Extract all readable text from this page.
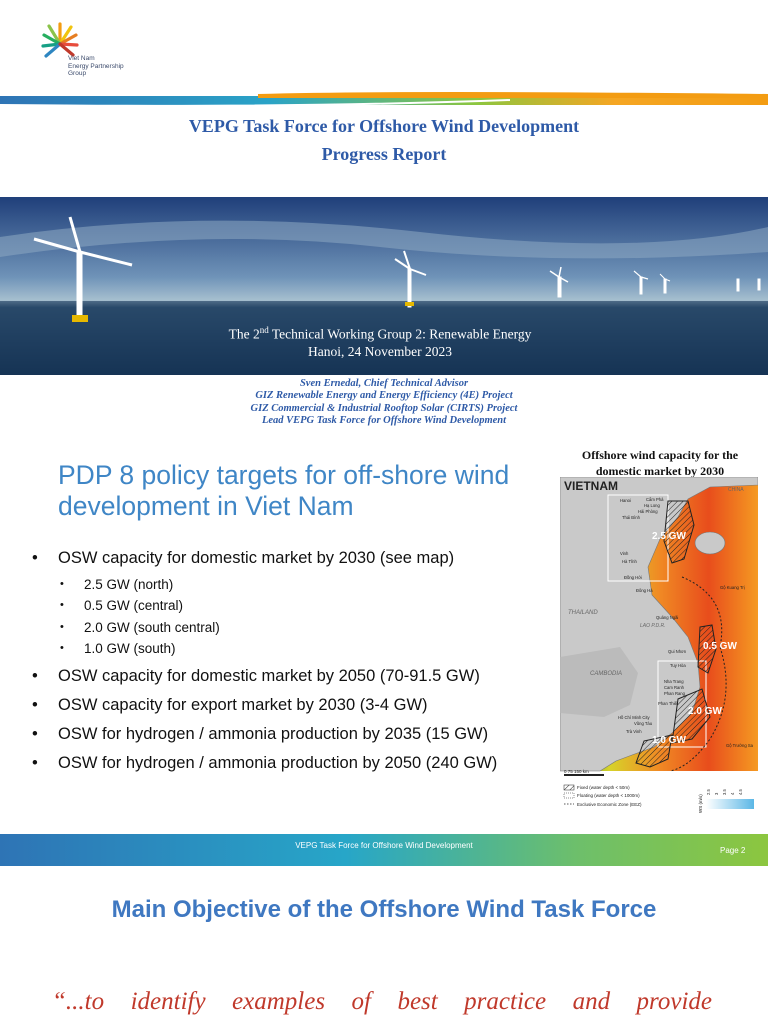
Viet Nam
Energy Partnership
Group
VEPG Task Force for Offshore Wind Development
Progress Report
The 2nd Technical Working Group 2: Renewable Energy
Hanoi, 24 November 2023
Sven Ernedal, Chief Technical Advisor
GIZ Renewable Energy and Energy Efficiency (4E) Project
GIZ Commercial & Industrial Rooftop Solar (CIRTS) Project
Lead VEPG Task Force for Offshore Wind Development
PDP 8 policy targets for off-shore wind development in Viet Nam
• OSW capacity for domestic market by 2030 (see map)
• 2.5 GW (north)
• 0.5 GW (central)
• 2.0 GW (south central)
• 1.0 GW (south)
• OSW capacity for domestic market by 2050 (70-91.5 GW)
• OSW capacity for export market by 2030 (3-4 GW)
• OSW for hydrogen / ammonia production by 2035 (15 GW)
• OSW for hydrogen / ammonia production by 2050 (240 GW)
Offshore wind capacity for the domestic market by 2030
VIETNAM	CHINA
THAILAND
CAMBODIA
LAO P.D.R.
Hanoi	Cẩm Phả
Hạ Long
Hải Phòng
Thái Bình
Vinh
Hà Tĩnh
Đồng Hới
Đông Hà
Quảng Ngãi
Qui Nhơn
Tuy Hòa
Nha Trang
Cam Ranh
Phan Rang
Phan Thiết
Hồ Chí Minh City
Vũng Tàu
Trà Vinh
Gộ Kuang Trị
Gộ Trường Sa
2.5 GW
0.5 GW
2.0 GW
1.0 GW
0 75 150 km
Fixed (water depth < 50m)
Floating (water depth < 1000m)
Exclusive Economic Zone (EEZ)	WS (m/s)
2.5 3 3.5 4 4.5
VEPG Task Force for Offshore Wind Development
Page 2
Main Objective of the Offshore Wind Task Force
“...to identify examples of best practice and provide
